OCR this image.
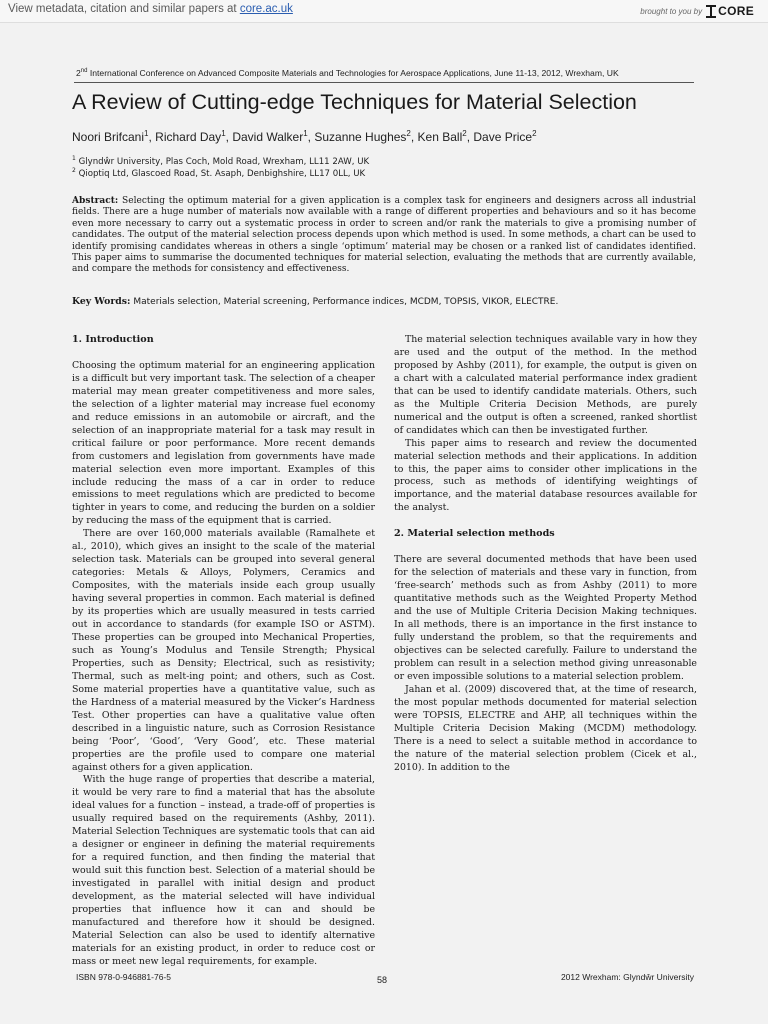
View metadata, citation and similar papers at core.ac.uk	brought to you by CORE
2nd International Conference on Advanced Composite Materials and Technologies for Aerospace Applications, June 11-13, 2012, Wrexham, UK
A Review of Cutting-edge Techniques for Material Selection
Noori Brifcani$^1$, Richard Day$^1$, David Walker$^1$, Suzanne Hughes$^2$, Ken Ball$^2$, Dave Price$^2$
$^1$ Glyndŵr University, Plas Coch, Mold Road, Wrexham, LL11 2AW, UK
$^2$ Qioptiq Ltd, Glascoed Road, St. Asaph, Denbighshire, LL17 0LL, UK
Abstract: Selecting the optimum material for a given application is a complex task for engineers and designers across all industrial fields. There are a huge number of materials now available with a range of different properties and behaviours and so it has become even more necessary to carry out a systematic process in order to screen and/or rank the materials to give a promising number of candidates. The output of the material selection process depends upon which method is used. In some methods, a chart can be used to identify promising candidates whereas in others a single ‘optimum’ material may be chosen or a ranked list of candidates identified. This paper aims to summarise the documented techniques for material selection, evaluating the methods that are currently available, and compare the methods for consistency and effectiveness.
Key Words: Materials selection, Material screening, Performance indices, MCDM, TOPSIS, VIKOR, ELECTRE.
1. Introduction

Choosing the optimum material for an engineering application is a difficult but very important task. The selection of a cheaper material may mean greater competitiveness and more sales, the selection of a lighter material may increase fuel economy and reduce emissions in an automobile or aircraft, and the selection of an inappropriate material for a task may result in critical failure or poor performance. More recent demands from customers and legislation from governments have made material selection even more important. Examples of this include reducing the mass of a car in order to reduce emissions to meet regulations which are predicted to become tighter in years to come, and reducing the burden on a soldier by reducing the mass of the equipment that is carried.

There are over 160,000 materials available (Ramalhete et al., 2010), which gives an insight to the scale of the material selection task. Materials can be grouped into several general categories: Metals & Alloys, Polymers, Ceramics and Composites, with the materials inside each group usually having several properties in common. Each material is defined by its properties which are usually measured in tests carried out in accordance to standards (for example ISO or ASTM). These properties can be grouped into Mechanical Properties, such as Young’s Modulus and Tensile Strength; Physical Properties, such as Density; Electrical, such as resistivity; Thermal, such as melt-ing point; and others, such as Cost. Some material properties have a quantitative value, such as the Hardness of a material measured by the Vicker’s Hardness Test. Other properties can have a qualitative value often described in a linguistic nature, such as Corrosion Resistance being ‘Poor’, ‘Good’, ‘Very Good’, etc. These material properties are the profile used to compare one material against others for a given application.

With the huge range of properties that describe a material, it would be very rare to find a material that has the absolute ideal values for a function – instead, a trade-off of properties is usually required based on the requirements (Ashby, 2011). Material Selection Techniques are systematic tools that can aid a designer or engineer in defining the material requirements for a required function, and then finding the material that would suit this function best. Selection of a material should be investigated in parallel with initial design and product development, as the material selected will have individual properties that influence how it can and should be manufactured and therefore how it should be designed. Material Selection can also be used to identify alternative materials for an existing product, in order to reduce cost or mass or meet new legal requirements, for example.

The material selection techniques available vary in how they are used and the output of the method. In the method proposed by Ashby (2011), for example, the output is given on a chart with a calculated material performance index gradient that can be used to identify candidate materials. Others, such as the Multiple Criteria Decision Methods, are purely numerical and the output is often a screened, ranked shortlist of candidates which can then be investigated further.

This paper aims to research and review the documented material selection methods and their applications. In addition to this, the paper aims to consider other implications in the process, such as methods of identifying weightings of importance, and the material database resources available for the analyst.

2. Material selection methods

There are several documented methods that have been used for the selection of materials and these vary in function, from ‘free-search’ methods such as from Ashby (2011) to more quantitative methods such as the Weighted Property Method and the use of Multiple Criteria Decision Making techniques. In all methods, there is an importance in the first instance to fully understand the problem, so that the requirements and objectives can be selected carefully. Failure to understand the problem can result in a selection method giving unreasonable or even impossible solutions to a material selection problem.

Jahan et al. (2009) discovered that, at the time of research, the most popular methods documented for material selection were TOPSIS, ELECTRE and AHP, all techniques within the Multiple Criteria Decision Making (MCDM) methodology. There is a need to select a suitable method in accordance to the nature of the material selection problem (Cicek et al., 2010). In addition to the

ISBN 978-0-946881-76-5	58	2012 Wrexham: Glyndŵr University
